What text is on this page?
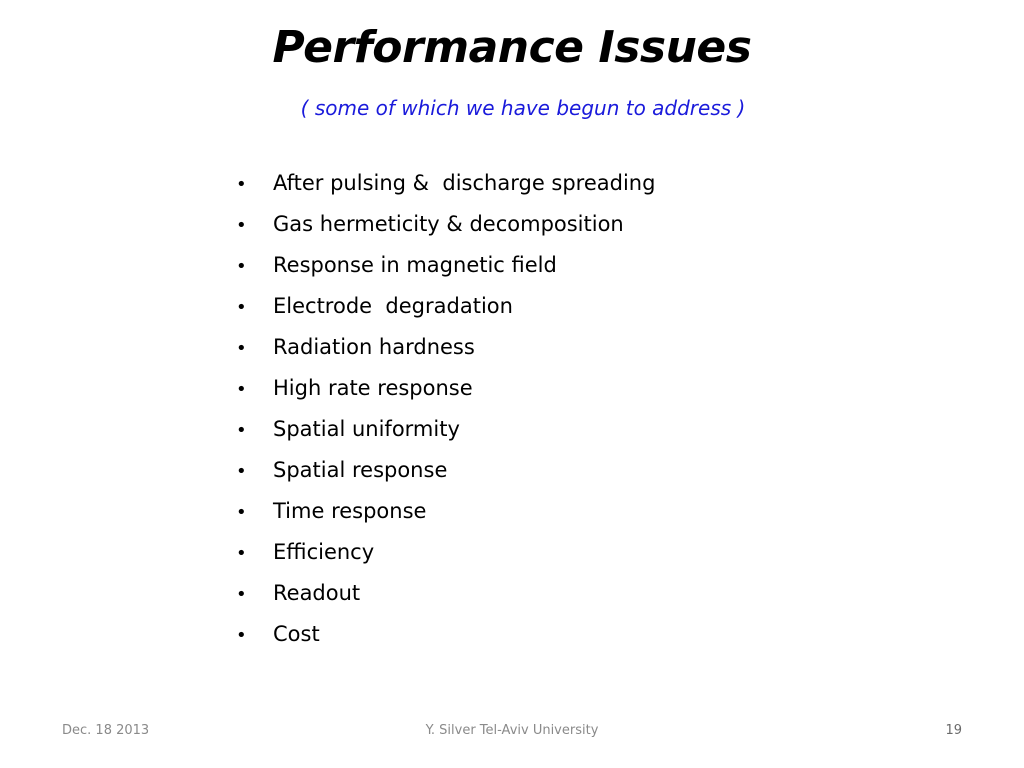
Performance Issues
( some of which we have begun to address )
•	After pulsing &  discharge spreading
•	Gas hermeticity & decomposition
•	Response in magnetic field
•	Electrode  degradation
•	Radiation hardness
•	High rate response
•	Spatial uniformity
•	Spatial response
•	Time response
•	Efficiency
•	Readout
•	Cost
Dec. 18 2013	Y. Silver Tel-Aviv University	19
